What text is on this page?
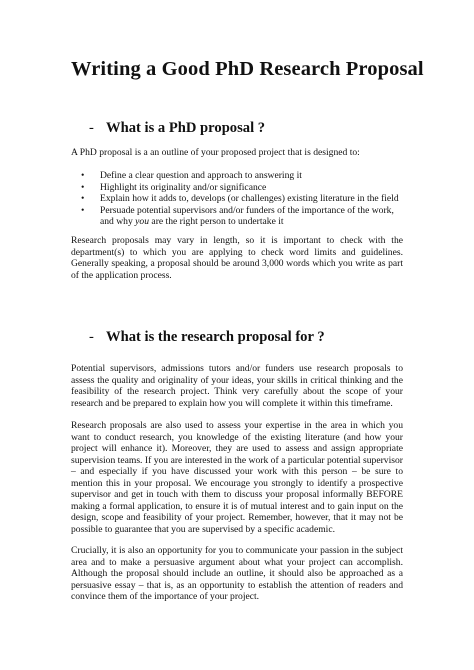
Writing a Good PhD Research Proposal
- What is a PhD proposal ?

A PhD proposal is a an outline of your proposed project that is designed to:

• Define a clear question and approach to answering it
• Highlight its originality and/or significance
• Explain how it adds to, develops (or challenges) existing literature in the field
• Persuade potential supervisors and/or funders of the importance of the work, and why you are the right person to undertake it

Research proposals may vary in length, so it is important to check with the department(s) to which you are applying to check word limits and guidelines. Generally speaking, a proposal should be around 3,000 words which you write as part of the application process.

- What is the research proposal for ?

Potential supervisors, admissions tutors and/or funders use research proposals to assess the quality and originality of your ideas, your skills in critical thinking and the feasibility of the research project. Think very carefully about the scope of your research and be prepared to explain how you will complete it within this timeframe.

Research proposals are also used to assess your expertise in the area in which you want to conduct research, you knowledge of the existing literature (and how your project will enhance it). Moreover, they are used to assess and assign appropriate supervision teams. If you are interested in the work of a particular potential supervisor – and especially if you have discussed your work with this person – be sure to mention this in your proposal. We encourage you strongly to identify a prospective supervisor and get in touch with them to discuss your proposal informally BEFORE making a formal application, to ensure it is of mutual interest and to gain input on the design, scope and feasibility of your project. Remember, however, that it may not be possible to guarantee that you are supervised by a specific academic.

Crucially, it is also an opportunity for you to communicate your passion in the subject area and to make a persuasive argument about what your project can accomplish. Although the proposal should include an outline, it should also be approached as a persuasive essay – that is, as an opportunity to establish the attention of readers and convince them of the importance of your project.
